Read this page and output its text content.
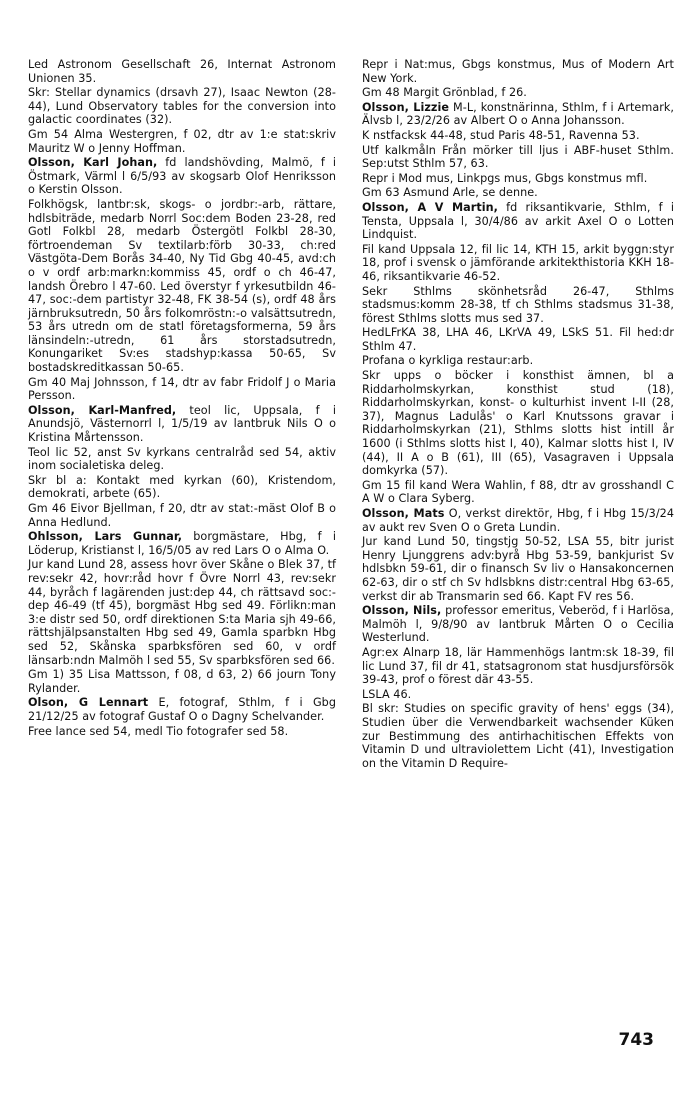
Led Astronom Gesellschaft 26, Internat Astronom Unionen 35.

Skr: Stellar dynamics (drsavh 27), Isaac Newton (28-44), Lund Observatory tables for the conversion into galactic coordinates (32).

Gm 54 Alma Westergren, f 02, dtr av 1:e stat:skriv Mauritz W o Jenny Hoffman.

Olsson, Karl Johan, fd landshövding, Malmö, f i Östmark, Värml l 6/5/93 av skogsarb Olof Henriksson o Kerstin Olsson.

Folkhögsk, lantbr:sk, skogs- o jordbr:-arb, rättare, hdlsbiträde, medarb Norrl Soc:dem Boden 23-28, red Gotl Folkbl 28, medarb Östergötl Folkbl 28-30, förtroendeman Sv textilarb:förb 30-33, ch:red Västgöta-Dem Borås 34-40, Ny Tid Gbg 40-45, avd:ch o v ordf arb:markn:kommiss 45, ordf o ch 46-47, landsh Örebro l 47-60. Led överstyr f yrkesutbildn 46-47, soc:-dem partistyr 32-48, FK 38-54 (s), ordf 48 års järnbruksutredn, 50 års folkomröstn:-o valsättsutredn, 53 års utredn om de statl företagsformerna, 59 års länsindeln:-utredn, 61 års storstadsutredn, Konungariket Sv:es stadshyp:kassa 50-65, Sv bostadskreditkassan 50-65.

Gm 40 Maj Johnsson, f 14, dtr av fabr Fridolf J o Maria Persson.

Olsson, Karl-Manfred, teol lic, Uppsala, f i Anundsjö, Västernorrl l, 1/5/19 av lantbruk Nils O o Kristina Mårtensson.

Teol lic 52, anst Sv kyrkans centralråd sed 54, aktiv inom socialetiska deleg.

Skr bl a: Kontakt med kyrkan (60), Kristendom, demokrati, arbete (65).

Gm 46 Eivor Bjellman, f 20, dtr av stat:-mäst Olof B o Anna Hedlund.

Ohlsson, Lars Gunnar, borgmästare, Hbg, f i Löderup, Kristianst l, 16/5/05 av red Lars O o Alma O.

Jur kand Lund 28, assess hovr över Skåne o Blek 37, tf rev:sekr 42, hovr:råd hovr f Övre Norrl 43, rev:sekr 44, byråch f lagärenden just:dep 44, ch rättsavd soc:-dep 46-49 (tf 45), borgmäst Hbg sed 49. Förlikn:man 3:e distr sed 50, ordf direktionen S:ta Maria sjh 49-66, rättshjälpsanstalten Hbg sed 49, Gamla sparbkn Hbg sed 52, Skånska sparbksfören sed 60, v ordf länsarb:ndn Malmöh l sed 55, Sv sparbksfören sed 66.

Gm 1) 35 Lisa Mattsson, f 08, d 63, 2) 66 journ Tony Rylander.

Olson, G Lennart E, fotograf, Sthlm, f i Gbg 21/12/25 av fotograf Gustaf O o Dagny Schelvander.

Free lance sed 54, medl Tio fotografer sed 58.

Repr i Nat:mus, Gbgs konstmus, Mus of Modern Art New York.

Gm 48 Margit Grönblad, f 26.

Olsson, Lizzie M-L, konstnärinna, Sthlm, f i Artemark, Älvsb l, 23/2/26 av Albert O o Anna Johansson.

K nstfacksk 44-48, stud Paris 48-51, Ravenna 53.

Utf kalkmåln Från mörker till ljus i ABF-huset Sthlm. Sep:utst Sthlm 57, 63.

Repr i Mod mus, Linkpgs mus, Gbgs konstmus mfl.

Gm 63 Asmund Arle, se denne.

Olsson, A V Martin, fd riksantikvarie, Sthlm, f i Tensta, Uppsala l, 30/4/86 av arkit Axel O o Lotten Lindquist.

Fil kand Uppsala 12, fil lic 14, KTH 15, arkit byggn:styr 18, prof i svensk o jämförande arkitekthistoria KKH 18-46, riksantikvarie 46-52.

Sekr Sthlms skönhetsråd 26-47, Sthlms stadsmus:komm 28-38, tf ch Sthlms stadsmus 31-38, förest Sthlms slotts mus sed 37.

HedLFrKA 38, LHA 46, LKrVA 49, LSkS 51. Fil hed:dr Sthlm 47.

Profana o kyrkliga restaur:arb.

Skr upps o böcker i konsthist ämnen, bl a Riddarholmskyrkan, konsthist stud (18), Riddarholmskyrkan, konst- o kulturhist invent I-II (28, 37), Magnus Ladulås' o Karl Knutssons gravar i Riddarholmskyrkan (21), Sthlms slotts hist intill år 1600 (i Sthlms slotts hist I, 40), Kalmar slotts hist I, IV (44), II A o B (61), III (65), Vasagraven i Uppsala domkyrka (57).

Gm 15 fil kand Wera Wahlin, f 88, dtr av grosshandl C A W o Clara Syberg.

Olsson, Mats O, verkst direktör, Hbg, f i Hbg 15/3/24 av aukt rev Sven O o Greta Lundin.

Jur kand Lund 50, tingstjg 50-52, LSA 55, bitr jurist Henry Ljunggrens adv:byrå Hbg 53-59, bankjurist Sv hdlsbkn 59-61, dir o finansch Sv liv o Hansakoncernen 62-63, dir o stf ch Sv hdlsbkns distr:central Hbg 63-65, verkst dir ab Transmarin sed 66. Kapt FV res 56.

Olsson, Nils, professor emeritus, Veberöd, f i Harlösa, Malmöh l, 9/8/90 av lantbruk Mårten O o Cecilia Westerlund.

Agr:ex Alnarp 18, lär Hammenhögs lantm:sk 18-39, fil lic Lund 37, fil dr 41, statsagronom stat husdjursförsök 39-43, prof o förest där 43-55.

LSLA 46.

Bl skr: Studies on specific gravity of hens' eggs (34), Studien über die Verwendbarkeit wachsender Küken zur Bestimmung des antirhachitischen Effekts von Vitamin D und ultraviolettem Licht (41), Investigation on the Vitamin D Require-

743
